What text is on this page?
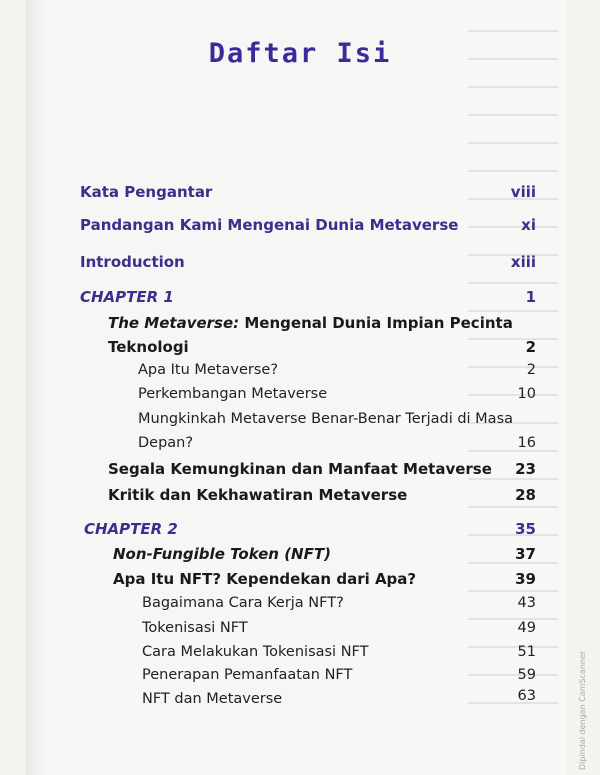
Daftar Isi
Kata Pengantar	viii
Pandangan Kami Mengenai Dunia Metaverse	xi
Introduction	xiii
CHAPTER 1	1
The Metaverse: Mengenal Dunia Impian Pecinta
Teknologi	2
Apa Itu Metaverse?	2
Perkembangan Metaverse	10
Mungkinkah Metaverse Benar-Benar Terjadi di Masa
Depan?	16
Segala Kemungkinan dan Manfaat Metaverse 23
Kritik dan Kekhawatiran Metaverse	28
CHAPTER 2	35
Non-Fungible Token (NFT)	37
Apa Itu NFT? Kependekan dari Apa?	39
Bagaimana Cara Kerja NFT?	43
Tokenisasi NFT	49
Cara Melakukan Tokenisasi NFT	51
Penerapan Pemanfaatan NFT	59
NFT dan Metaverse	63	Dipindai dengan CamScanner
